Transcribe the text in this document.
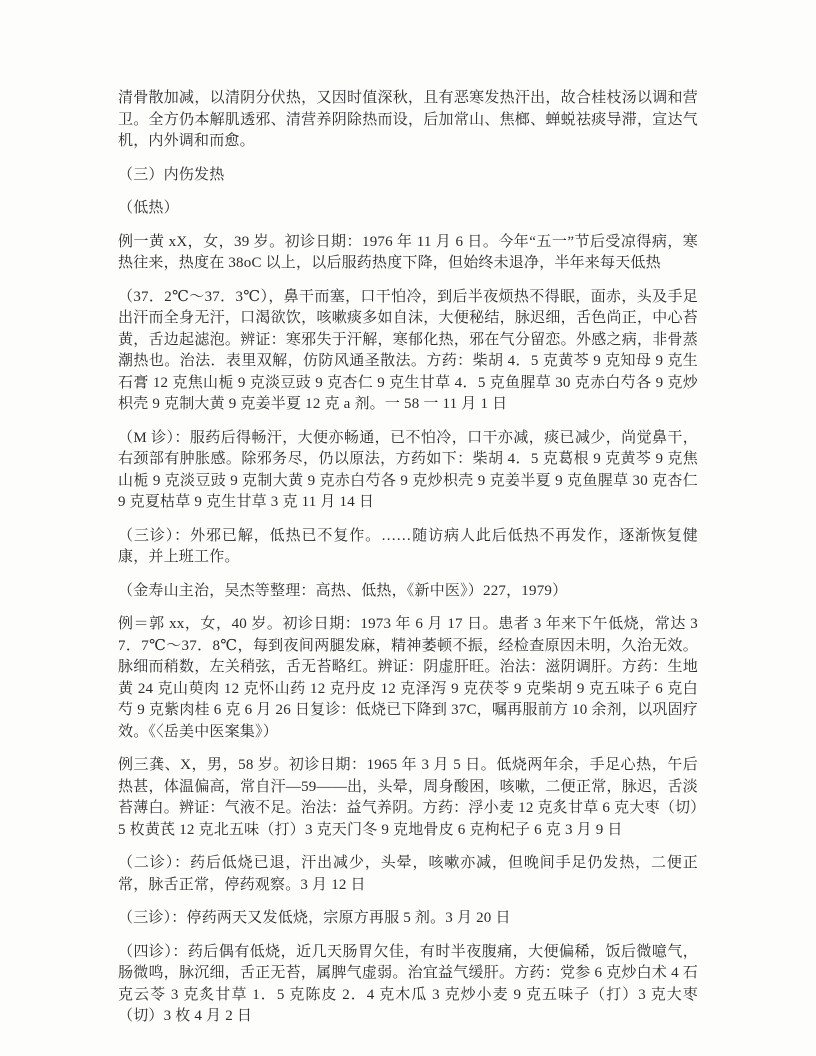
清骨散加减，以清阴分伏热，又因时值深秋，且有恶寒发热汗出，故合桂枝汤以调和营卫。全方仍本解肌透邪、清营养阴除热而设，后加常山、焦榔、蝉蜕祛痰导滞，宣达气机，内外调和而愈。

（三）内伤发热

（低热）

例一黄 xX，女，39 岁。初诊日期：1976 年 11 月 6 日。今年“五一”节后受凉得病，寒热往来，热度在 38oC 以上，以后服药热度下降，但始终未退净，半年来每天低热

（37．2℃～37．3℃），鼻干而塞，口干怕冷，到后半夜烦热不得眠，面赤，头及手足出汗而全身无汗，口渴欲饮，咳嗽痰多如自沫，大便秘结，脉迟细，舌色尚正，中心苔黄，舌边起滤泡。辨证：寒邪失于汗解，寒郁化热，邪在气分留恋。外感之病，非骨蒸潮热也。治法．表里双解，仿防风通圣散法。方药：柴胡 4．5 克黄芩 9 克知母 9 克生石膏 12 克焦山栀 9 克淡豆豉 9 克杏仁 9 克生甘草 4．5 克鱼腥草 30 克赤白芍各 9 克炒枳壳 9 克制大黄 9 克姜半夏 12 克 a 剂。一 58 一 11 月 1 日

（M 诊）：服药后得畅汗，大便亦畅通，已不怕冷，口干亦减，痰已减少，尚觉鼻干，右颈部有肿胀感。除邪务尽，仍以原法，方药如下：柴胡 4．5 克葛根 9 克黄芩 9 克焦山栀 9 克淡豆豉 9 克制大黄 9 克赤白芍各 9 克炒枳壳 9 克姜半夏 9 克鱼腥草 30 克杏仁 9 克夏枯草 9 克生甘草 3 克 11 月 14 日

（三诊）：外邪已解，低热已不复作。……随访病人此后低热不再发作，逐渐恢复健康，并上班工作。

（金寿山主治，吴杰等整理：高热、低热，《新中医》）227，1979）

例＝郭 xx，女，40 岁。初诊日期：1973 年 6 月 17 日。患者 3 年来下午低烧，常达 37．7℃～37．8℃，每到夜间两腿发麻，精神萎顿不振，经检查原因未明，久治无效。脉细而稍数，左关稍弦，舌无苔略红。辨证：阴虚肝旺。治法：滋阴调肝。方药：生地黄 24 克山萸肉 12 克怀山药 12 克丹皮 12 克泽泻 9 克茯苓 9 克柴胡 9 克五味子 6 克白芍 9 克紫肉桂 6 克 6 月 26 日复诊：低烧已下降到 37C，嘱再服前方 10 余剂，以巩固疗效。《〈岳美中医案集》）

例三龚、X，男，58 岁。初诊日期：1965 年 3 月 5 日。低烧两年余，手足心热，午后热甚，体温偏高，常自汗—59——出，头晕，周身酸困，咳嗽，二便正常，脉迟，舌淡苔薄白。辨证：气液不足。治法：益气养阴。方药：浮小麦 12 克炙甘草 6 克大枣（切）5 枚黄芪 12 克北五味（打）3 克天门冬 9 克地骨皮 6 克枸杞子 6 克 3 月 9 日

（二诊）：药后低烧已退，汗出减少，头晕，咳嗽亦减，但晚间手足仍发热，二便正常，脉舌正常，停药观察。3 月 12 日

（三诊）：停药两天又发低烧，宗原方再服 5 剂。3 月 20 日

（四诊）：药后偶有低烧，近几天肠胃欠佳，有时半夜腹痛，大便偏稀，饭后微噫气，肠微鸣，脉沉细，舌正无苔，属脾气虚弱。治宜益气缓肝。方药：党参 6 克炒白术 4 石克云苓 3 克炙甘草 1．5 克陈皮 2．4 克木瓜 3 克炒小麦 9 克五味子（打）3 克大枣（切）3 枚 4 月 2 日
